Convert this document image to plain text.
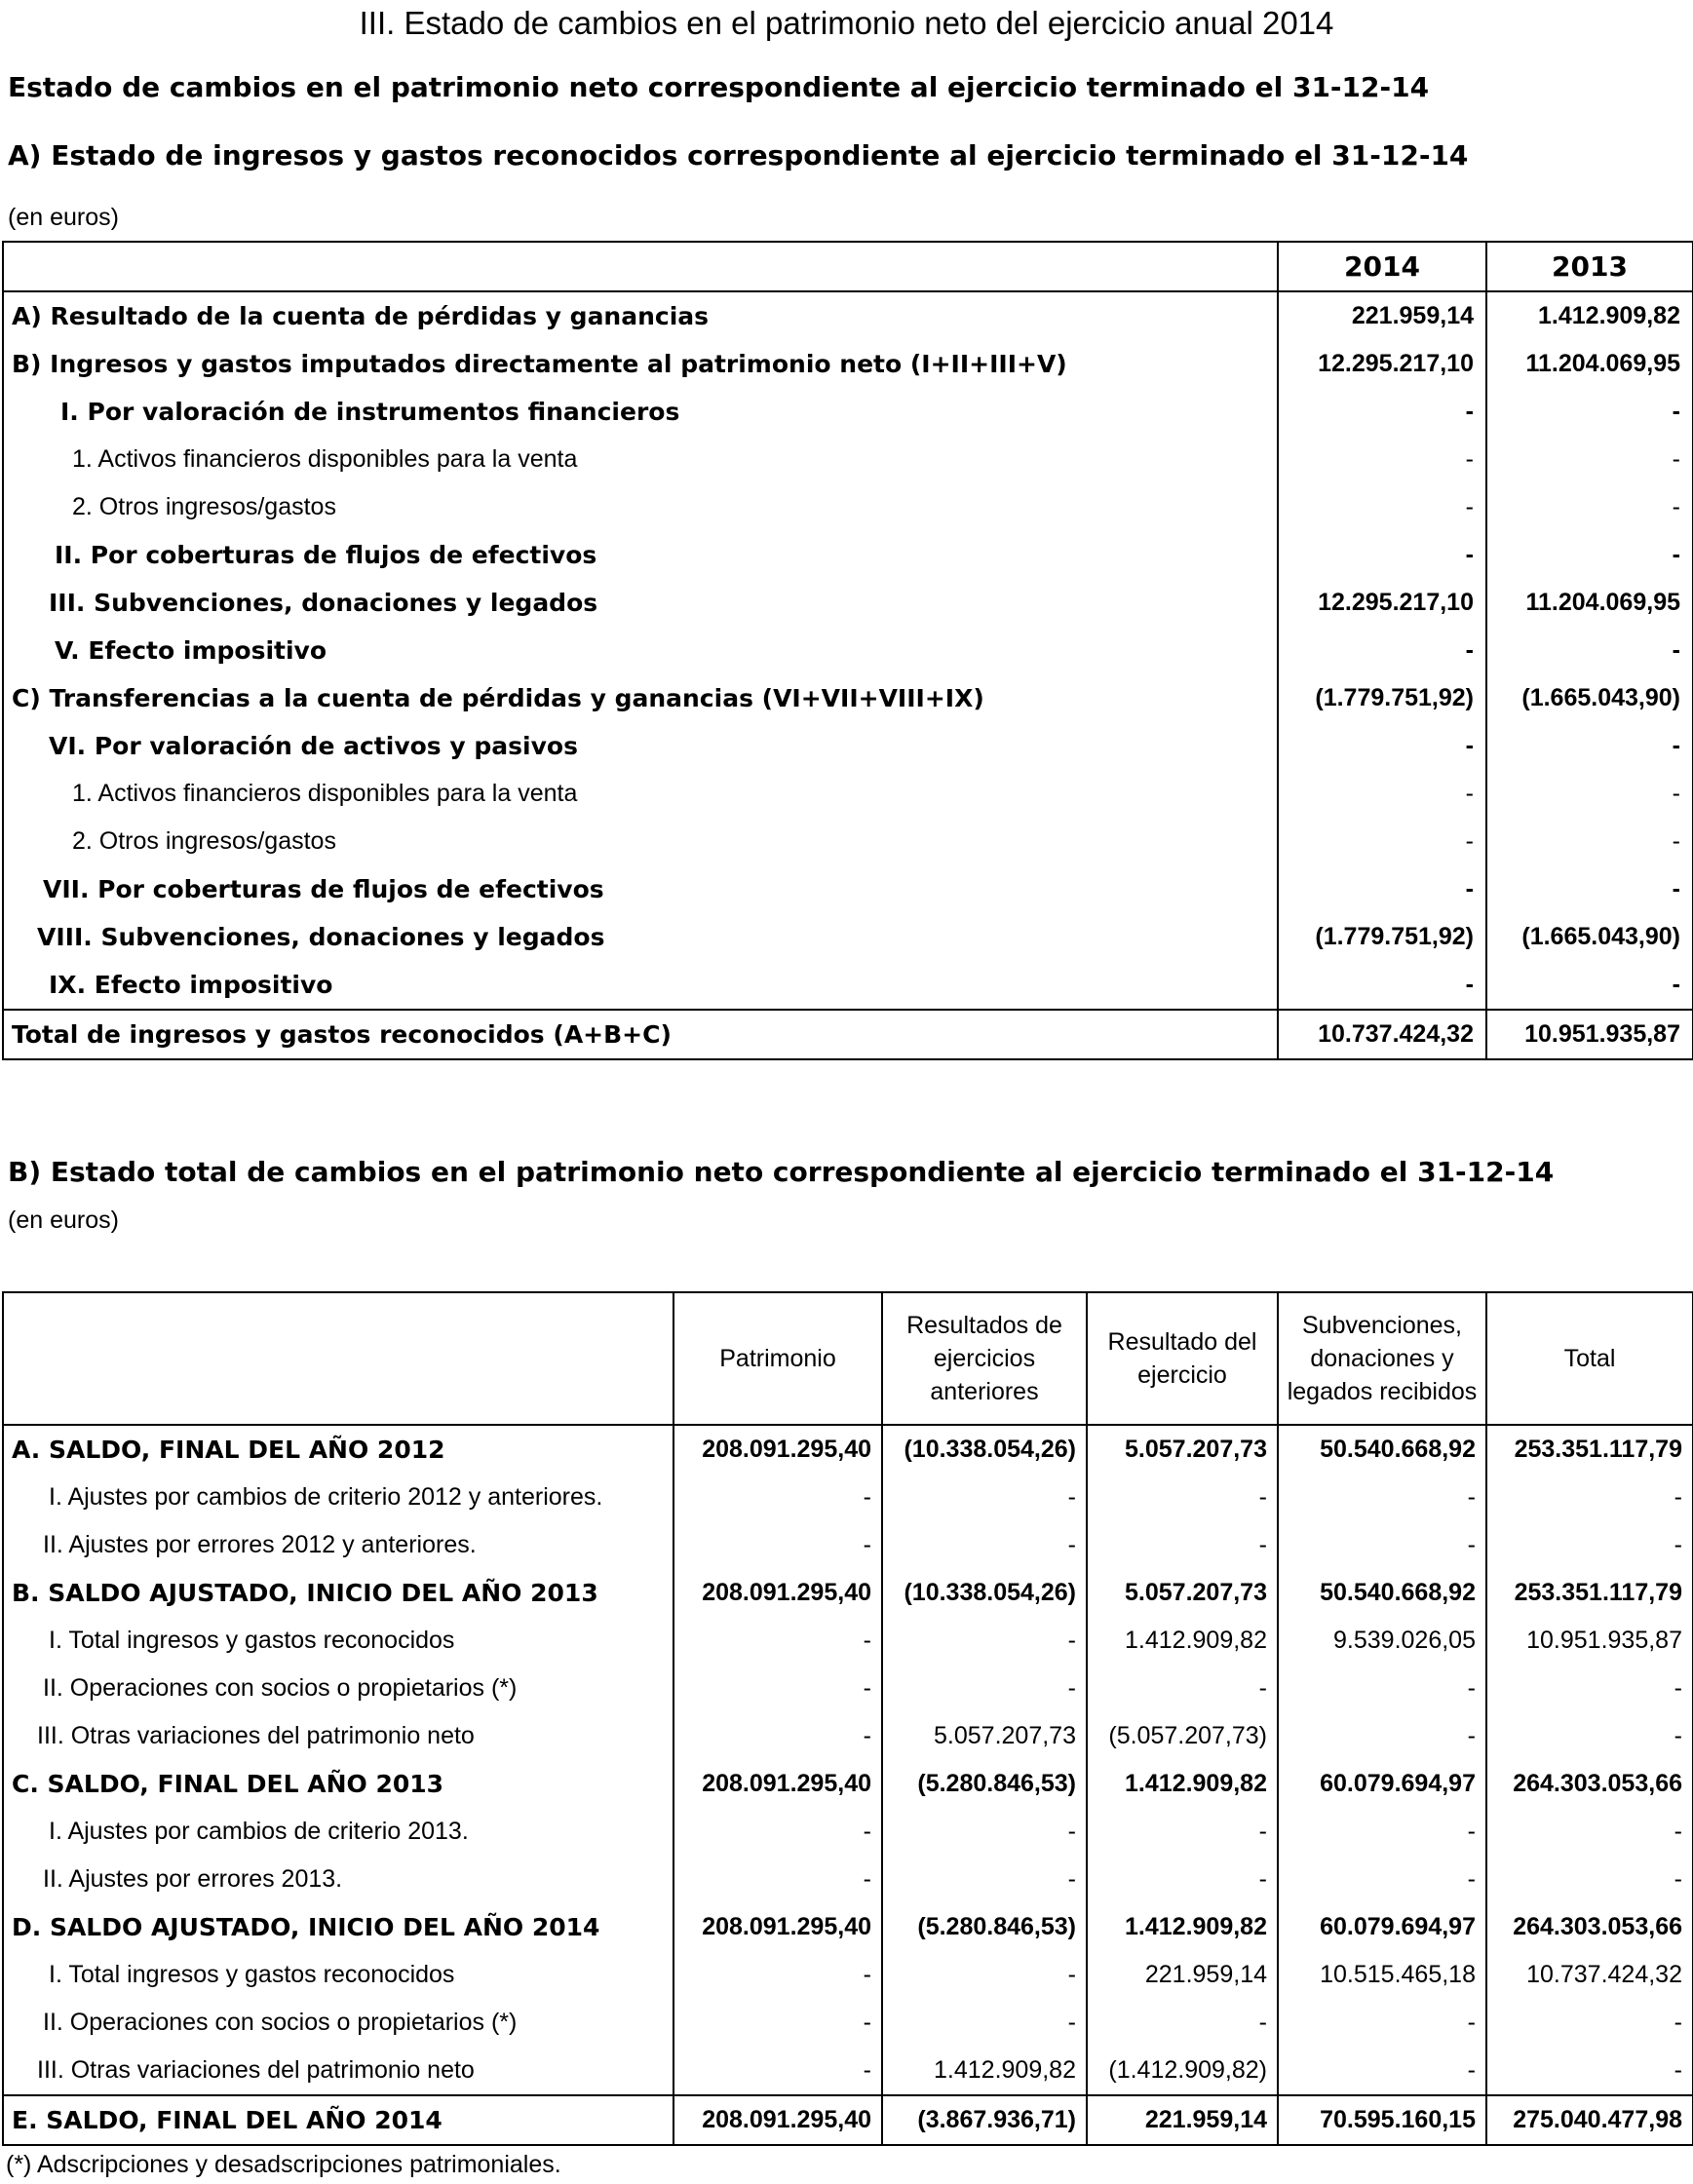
III. Estado de cambios en el patrimonio neto del ejercicio anual 2014
Estado de cambios en el patrimonio neto correspondiente al ejercicio terminado el 31-12-14
A) Estado de ingresos y gastos reconocidos correspondiente al ejercicio terminado el 31-12-14
(en euros)
	2014	2013
A) Resultado de la cuenta de pérdidas y ganancias	221.959,14	1.412.909,82
B) Ingresos y gastos imputados directamente al patrimonio neto (I+II+III+V)	12.295.217,10	11.204.069,95
I. Por valoración de instrumentos financieros	-	-
1. Activos financieros disponibles para la venta	-	-
2. Otros ingresos/gastos	-	-
II. Por coberturas de flujos de efectivos	-	-
III. Subvenciones, donaciones y legados	12.295.217,10	11.204.069,95
V. Efecto impositivo	-	-
C) Transferencias a la cuenta de pérdidas y ganancias (VI+VII+VIII+IX)	(1.779.751,92)	(1.665.043,90)
VI. Por valoración de activos y pasivos	-	-
1. Activos financieros disponibles para la venta	-	-
2. Otros ingresos/gastos	-	-
VII. Por coberturas de flujos de efectivos	-	-
VIII. Subvenciones, donaciones y legados	(1.779.751,92)	(1.665.043,90)
IX. Efecto impositivo	-	-
Total de ingresos y gastos reconocidos (A+B+C)	10.737.424,32	10.951.935,87
B) Estado total de cambios en el patrimonio neto correspondiente al ejercicio terminado el 31-12-14
(en euros)
	Patrimonio	Resultados de ejercicios anteriores	Resultado del ejercicio	Subvenciones, donaciones y legados recibidos	Total
A. SALDO, FINAL DEL AÑO 2012	208.091.295,40	(10.338.054,26)	5.057.207,73	50.540.668,92	253.351.117,79
I. Ajustes por cambios de criterio 2012 y anteriores.	-	-	-	-	-
II. Ajustes por errores 2012 y anteriores.	-	-	-	-	-
B. SALDO AJUSTADO, INICIO DEL AÑO 2013	208.091.295,40	(10.338.054,26)	5.057.207,73	50.540.668,92	253.351.117,79
I. Total ingresos y gastos reconocidos	-	-	1.412.909,82	9.539.026,05	10.951.935,87
II. Operaciones con socios o propietarios (*)	-	-	-	-	-
III. Otras variaciones del patrimonio neto	-	5.057.207,73	(5.057.207,73)	-	-
C. SALDO, FINAL DEL AÑO 2013	208.091.295,40	(5.280.846,53)	1.412.909,82	60.079.694,97	264.303.053,66
I. Ajustes por cambios de criterio 2013.	-	-	-	-	-
II. Ajustes por errores 2013.	-	-	-	-	-
D. SALDO AJUSTADO, INICIO DEL AÑO 2014	208.091.295,40	(5.280.846,53)	1.412.909,82	60.079.694,97	264.303.053,66
I. Total ingresos y gastos reconocidos	-	-	221.959,14	10.515.465,18	10.737.424,32
II. Operaciones con socios o propietarios (*)	-	-	-	-	-
III. Otras variaciones del patrimonio neto	-	1.412.909,82	(1.412.909,82)	-	-
E. SALDO, FINAL DEL AÑO 2014	208.091.295,40	(3.867.936,71)	221.959,14	70.595.160,15	275.040.477,98
(*) Adscripciones y desadscripciones patrimoniales.
